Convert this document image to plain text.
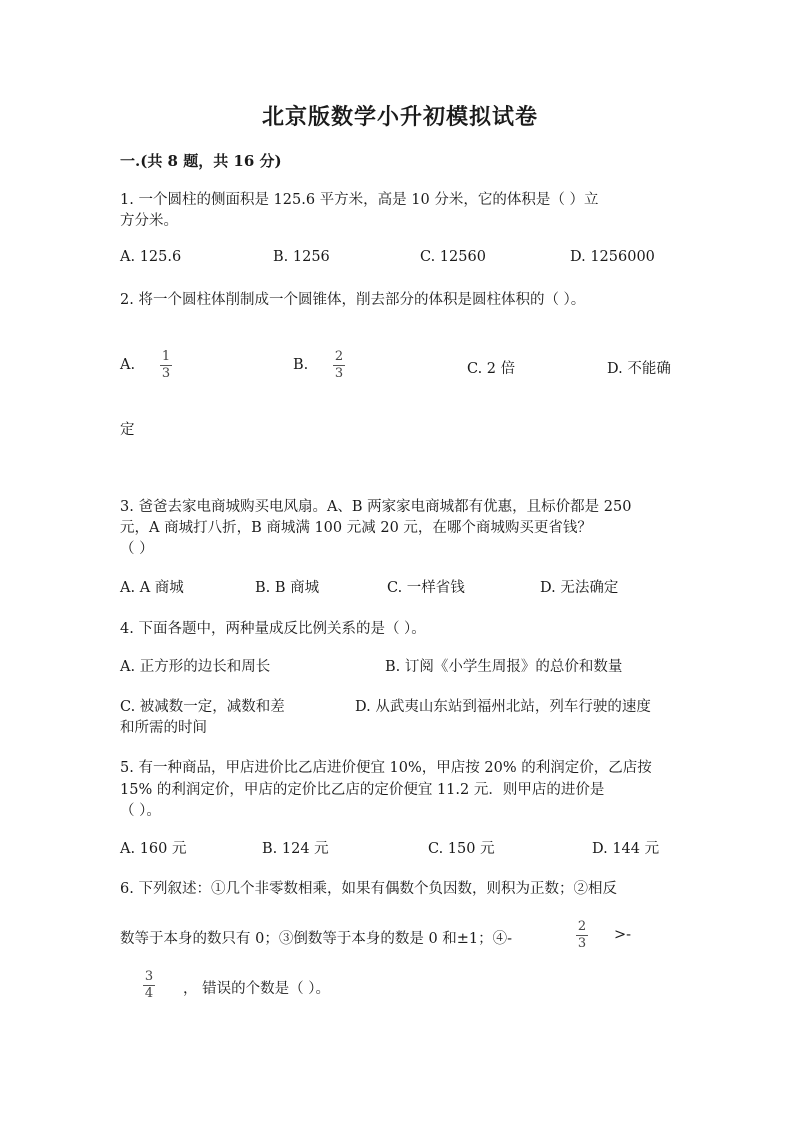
北京版数学小升初模拟试卷
一.(共 8 题，共 16 分)
1. 一个圆柱的侧面积是 125.6 平方米，高是 10 分米，它的体积是（ ）立
方分米。
A. 125.6	B. 1256	C. 12560	D. 1256000
2. 将一个圆柱体削制成一个圆锥体，削去部分的体积是圆柱体积的（ ）。
A.
1
3
B.
2
3	C. 2 倍	D. 不能确
定
3. 爸爸去家电商城购买电风扇。A、B 两家家电商城都有优惠，且标价都是 250
元，A 商城打八折，B 商城满 100 元减 20 元，在哪个商城购买更省钱？
（ ）
A. A 商城	B. B 商城	C. 一样省钱	D. 无法确定
4. 下面各题中，两种量成反比例关系的是（ ）。
A. 正方形的边长和周长	B. 订阅《小学生周报》的总价和数量
C. 被减数一定，减数和差	D. 从武夷山东站到福州北站，列车行驶的速度
和所需的时间
5. 有一种商品，甲店进价比乙店进价便宜 10%，甲店按 20% 的利润定价，乙店按
15% 的利润定价，甲店的定价比乙店的定价便宜 11.2 元．则甲店的进价是
（ ）。
A. 160 元	B. 124 元	C. 150 元	D. 144 元
6. 下列叙述：①几个非零数相乘，如果有偶数个负因数，则积为正数；②相反
数等于本身的数只有 0；③倒数等于本身的数是 0 和±1；④-
2
3
>-
3
4 ， 错误的个数是（ ）。
